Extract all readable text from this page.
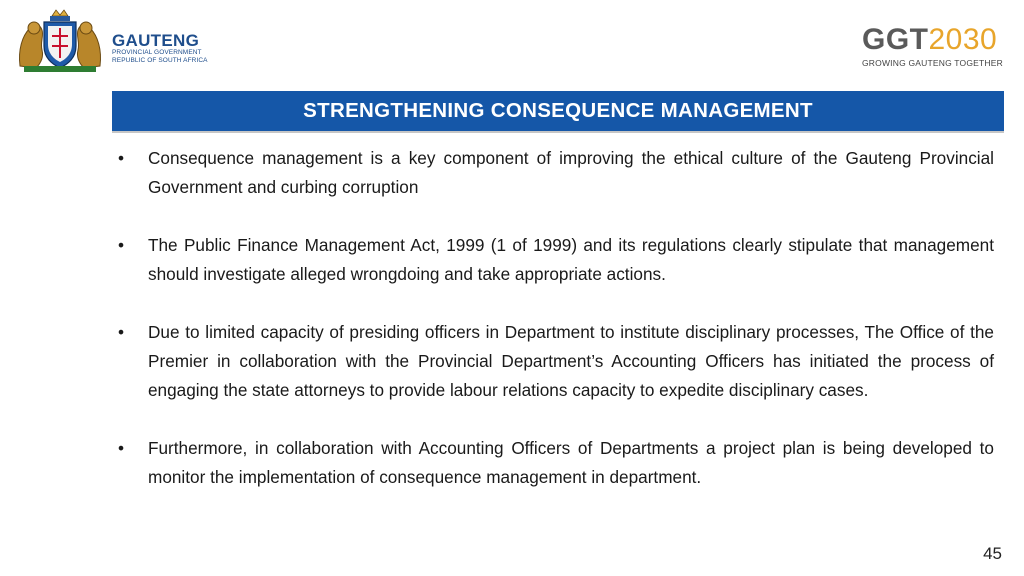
GAUTENG
PROVINCIAL GOVERNMENT
REPUBLIC OF SOUTH AFRICA
GGT2030
GROWING GAUTENG TOGETHER
STRENGTHENING CONSEQUENCE MANAGEMENT
• Consequence management is a key component of improving the ethical culture of the Gauteng Provincial Government and curbing corruption
• The Public Finance Management Act, 1999 (1 of 1999) and its regulations clearly stipulate that management should investigate alleged wrongdoing and take appropriate actions.
• Due to limited capacity of presiding officers in Department to institute disciplinary processes, The Office of the Premier in collaboration with the Provincial Department’s Accounting Officers has initiated the process of engaging the state attorneys to provide labour relations capacity to expedite disciplinary cases.
• Furthermore, in collaboration with Accounting Officers of Departments a project plan is being developed to monitor the implementation of consequence management in department.
45
